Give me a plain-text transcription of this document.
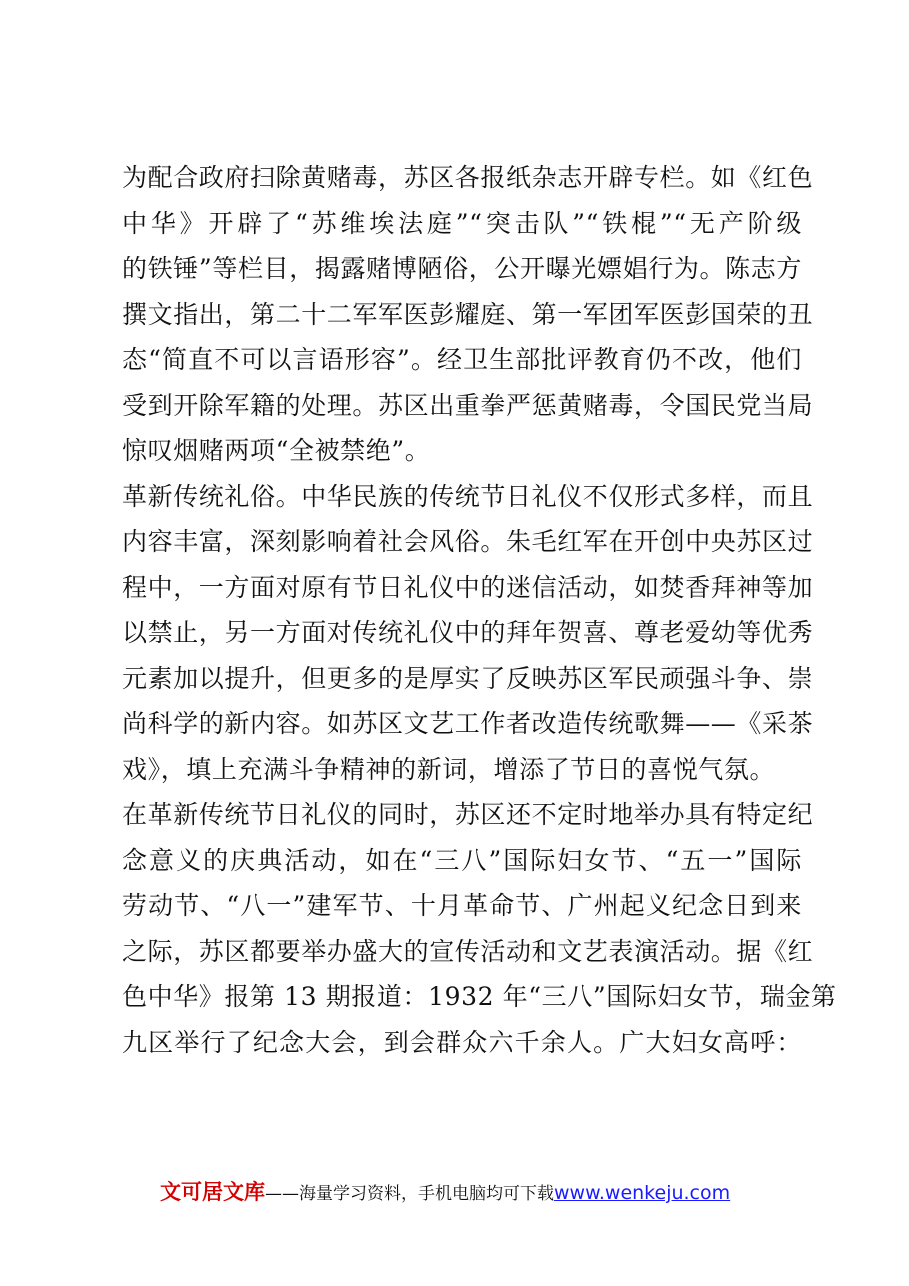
为配合政府扫除黄赌毒，苏区各报纸杂志开辟专栏。如《红色
中华》开辟了“苏维埃法庭”“突击队”“铁棍”“无产阶级
的铁锤”等栏目，揭露赌博陋俗，公开曝光嫖娼行为。陈志方
撰文指出，第二十二军军医彭耀庭、第一军团军医彭国荣的丑
态“简直不可以言语形容”。经卫生部批评教育仍不改，他们
受到开除军籍的处理。苏区出重拳严惩黄赌毒，令国民党当局
惊叹烟赌两项“全被禁绝”。
革新传统礼俗。中华民族的传统节日礼仪不仅形式多样，而且
内容丰富，深刻影响着社会风俗。朱毛红军在开创中央苏区过
程中，一方面对原有节日礼仪中的迷信活动，如焚香拜神等加
以禁止，另一方面对传统礼仪中的拜年贺喜、尊老爱幼等优秀
元素加以提升，但更多的是厚实了反映苏区军民顽强斗争、崇
尚科学的新内容。如苏区文艺工作者改造传统歌舞——《采茶
戏》，填上充满斗争精神的新词，增添了节日的喜悦气氛。
在革新传统节日礼仪的同时，苏区还不定时地举办具有特定纪
念意义的庆典活动，如在“三八”国际妇女节、“五一”国际
劳动节、“八一”建军节、十月革命节、广州起义纪念日到来
之际，苏区都要举办盛大的宣传活动和文艺表演活动。据《红
色中华》报第 13 期报道：1932 年“三八”国际妇女节，瑞金第
九区举行了纪念大会，到会群众六千余人。广大妇女高呼：
文可居文库——海量学习资料，手机电脑均可下载www.wenkeju.com
